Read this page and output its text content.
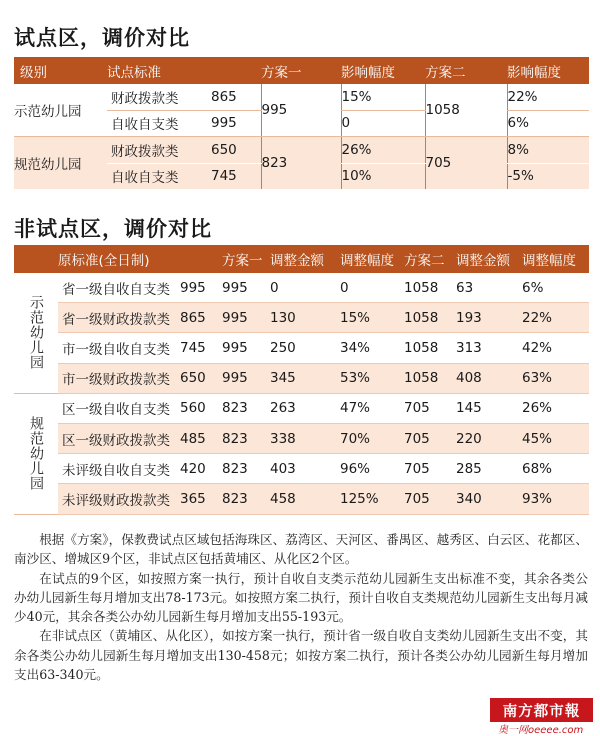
试点区，调价对比
级别	试点标准		方案一	影响幅度	方案二	影响幅度
示范幼儿园	财政拨款类	865	995	15%	1058	22%
	自收自支类	995		0		6%
规范幼儿园	财政拨款类	650	823	26%	705	8%
	自收自支类	745		10%		-5%
非试点区，调价对比
	原标准(全日制)		方案一	调整金额	调整幅度	方案二	调整金额	调整幅度
示范幼儿园	省一级自收自支类	995	995	0	0	1058	63	6%
	省一级财政拨款类	865	995	130	15%	1058	193	22%
	市一级自收自支类	745	995	250	34%	1058	313	42%
	市一级财政拨款类	650	995	345	53%	1058	408	63%
规范幼儿园	区一级自收自支类	560	823	263	47%	705	145	26%
	区一级财政拨款类	485	823	338	70%	705	220	45%
	未评级自收自支类	420	823	403	96%	705	285	68%
	未评级财政拨款类	365	823	458	125%	705	340	93%

根据《方案》，保教费试点区域包括海珠区、荔湾区、天河区、番禺区、越秀区、白云区、花都区、南沙区、增城区9个区，非试点区包括黄埔区、从化区2个区。

在试点的9个区，如按照方案一执行，预计自收自支类示范幼儿园新生支出标准不变，其余各类公办幼儿园新生每月增加支出78-173元。如按照方案二执行，预计自收自支类规范幼儿园新生支出每月减少40元，其余各类公办幼儿园新生每月增加支出55-193元。

在非试点区（黄埔区、从化区），如按方案一执行，预计省一级自收自支类幼儿园新生支出不变，其余各类公办幼儿园新生每月增加支出130-458元；如按方案二执行，预计各类公办幼儿园新生每月增加支出63-340元。

南方都市報
奥一网oeeee.com
